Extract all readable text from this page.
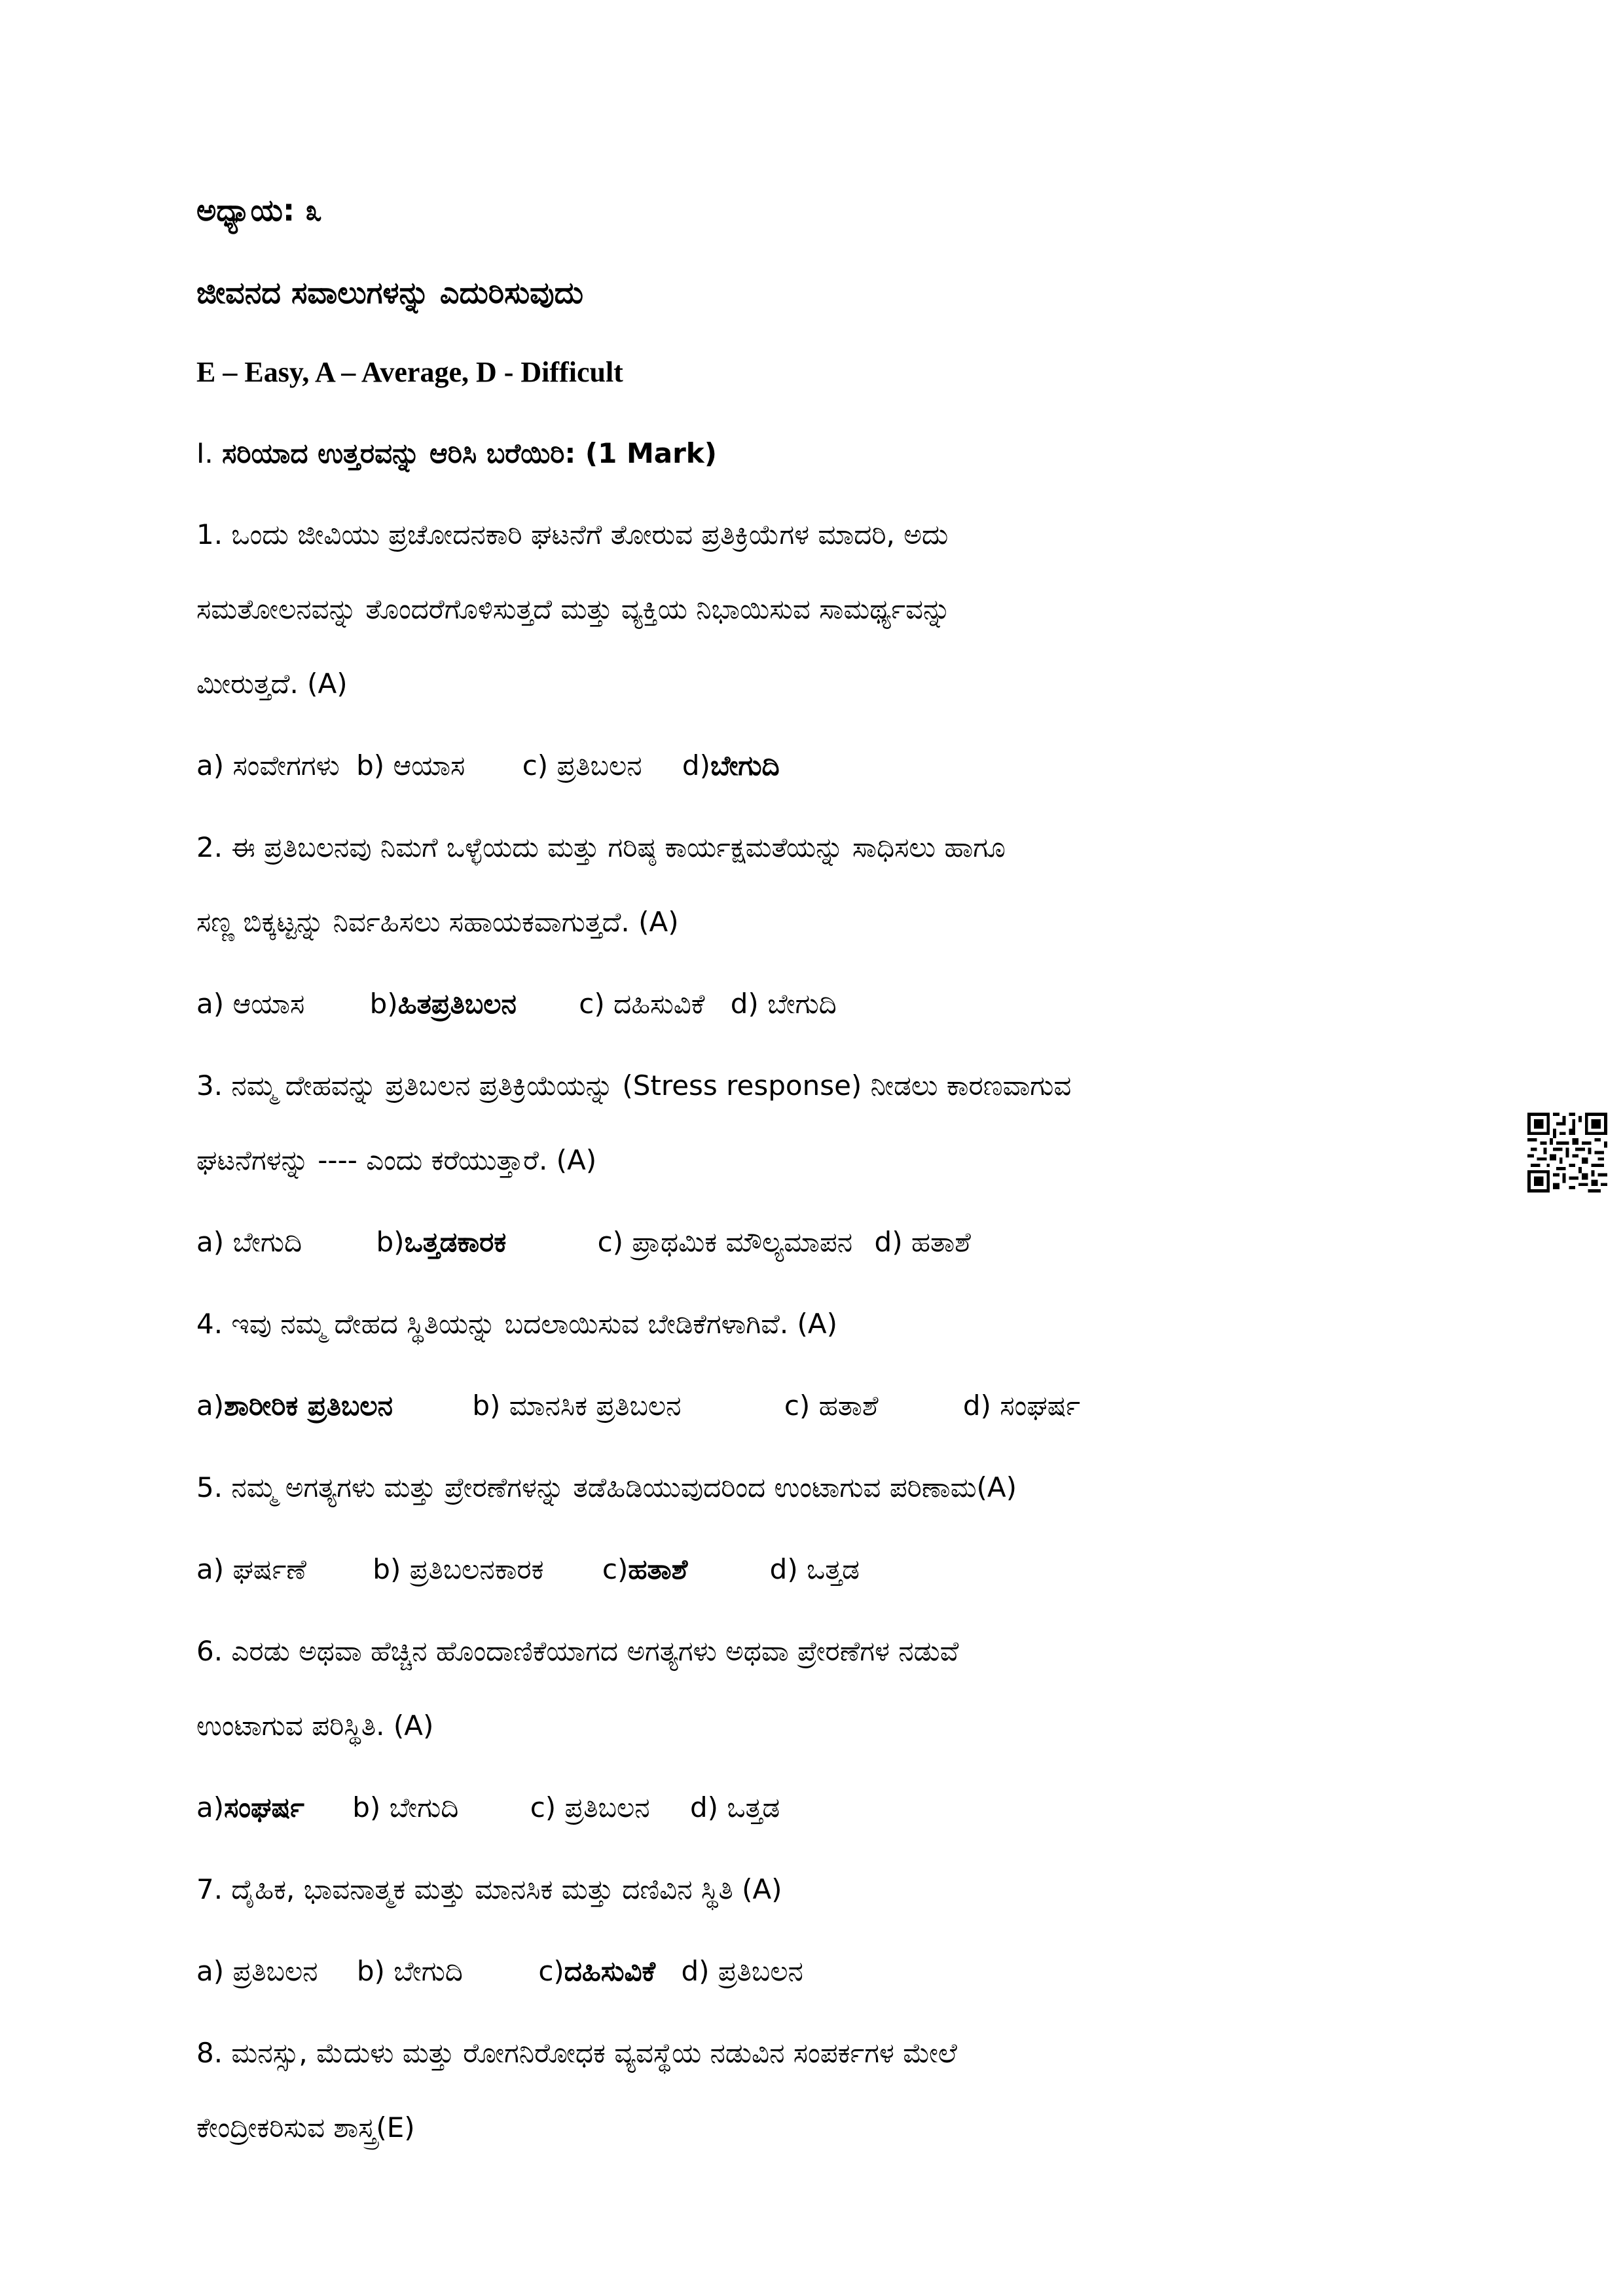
ಅಧ್ಯಾಯ: ೩
ಜೀವನದ ಸವಾಲುಗಳನ್ನು ಎದುರಿಸುವುದು
E – Easy, A – Average, D - Difficult
I. ಸರಿಯಾದ ಉತ್ತರವನ್ನು ಆರಿಸಿ ಬರೆಯಿರಿ: (1 Mark)
1. ಒಂದು ಜೀವಿಯು ಪ್ರಚೋದನಕಾರಿ ಘಟನೆಗೆ ತೋರುವ ಪ್ರತಿಕ್ರಿಯೆಗಳ ಮಾದರಿ, ಅದು
ಸಮತೋಲನವನ್ನು ತೊಂದರೆಗೊಳಿಸುತ್ತದೆ ಮತ್ತು ವ್ಯಕ್ತಿಯ ನಿಭಾಯಿಸುವ ಸಾಮರ್ಥ್ಯವನ್ನು
ಮೀರುತ್ತದೆ. (A)
a) ಸಂವೇಗಗಳು b) ಆಯಾಸ c) ಪ್ರತಿಬಲನ d)ಬೇಗುದಿ
2. ಈ ಪ್ರತಿಬಲನವು ನಿಮಗೆ ಒಳ್ಳೆಯದು ಮತ್ತು ಗರಿಷ್ಠ ಕಾರ್ಯಕ್ಷಮತೆಯನ್ನು ಸಾಧಿಸಲು ಹಾಗೂ
ಸಣ್ಣ ಬಿಕ್ಕಟ್ಟನ್ನು ನಿರ್ವಹಿಸಲು ಸಹಾಯಕವಾಗುತ್ತದೆ. (A)
a) ಆಯಾಸ b)ಹಿತಪ್ರತಿಬಲನ c) ದಹಿಸುವಿಕೆ d) ಬೇಗುದಿ
3. ನಮ್ಮ ದೇಹವನ್ನು ಪ್ರತಿಬಲನ ಪ್ರತಿಕ್ರಿಯೆಯನ್ನು (Stress response) ನೀಡಲು ಕಾರಣವಾಗುವ
ಘಟನೆಗಳನ್ನು ---- ಎಂದು ಕರೆಯುತ್ತಾರೆ. (A)
a) ಬೇಗುದಿ	b)ಒತ್ತಡಕಾರಕ	c) ಪ್ರಾಥಮಿಕ ಮೌಲ್ಯಮಾಪನ d) ಹತಾಶೆ
4. ಇವು ನಮ್ಮ ದೇಹದ ಸ್ಥಿತಿಯನ್ನು ಬದಲಾಯಿಸುವ ಬೇಡಿಕೆಗಳಾಗಿವೆ. (A)
a)ಶಾರೀರಿಕ ಪ್ರತಿಬಲನ	b) ಮಾನಸಿಕ ಪ್ರತಿಬಲನ	c) ಹತಾಶೆ	d) ಸಂಘರ್ಷ
5. ನಮ್ಮ ಅಗತ್ಯಗಳು ಮತ್ತು ಪ್ರೇರಣೆಗಳನ್ನು ತಡೆಹಿಡಿಯುವುದರಿಂದ ಉಂಟಾಗುವ ಪರಿಣಾಮ(A)
a) ಘರ್ಷಣೆ b) ಪ್ರತಿಬಲನಕಾರಕ c)ಹತಾಶೆ	d) ಒತ್ತಡ
6. ಎರಡು ಅಥವಾ ಹೆಚ್ಚಿನ ಹೊಂದಾಣಿಕೆಯಾಗದ ಅಗತ್ಯಗಳು ಅಥವಾ ಪ್ರೇರಣೆಗಳ ನಡುವೆ
ಉಂಟಾಗುವ ಪರಿಸ್ಥಿತಿ. (A)
a)ಸಂಘರ್ಷ b) ಬೇಗುದಿ	c) ಪ್ರತಿಬಲನ d) ಒತ್ತಡ
7. ದೈಹಿಕ, ಭಾವನಾತ್ಮಕ ಮತ್ತು ಮಾನಸಿಕ ಮತ್ತು ದಣಿವಿನ ಸ್ಥಿತಿ (A)
a) ಪ್ರತಿಬಲನ b) ಬೇಗುದಿ	c)ದಹಿಸುವಿಕೆ d) ಪ್ರತಿಬಲನ
8. ಮನಸ್ಸು, ಮೆದುಳು ಮತ್ತು ರೋಗನಿರೋಧಕ ವ್ಯವಸ್ಥೆಯ ನಡುವಿನ ಸಂಪರ್ಕಗಳ ಮೇಲೆ
ಕೇಂದ್ರೀಕರಿಸುವ ಶಾಸ್ತ್ರ(E)
